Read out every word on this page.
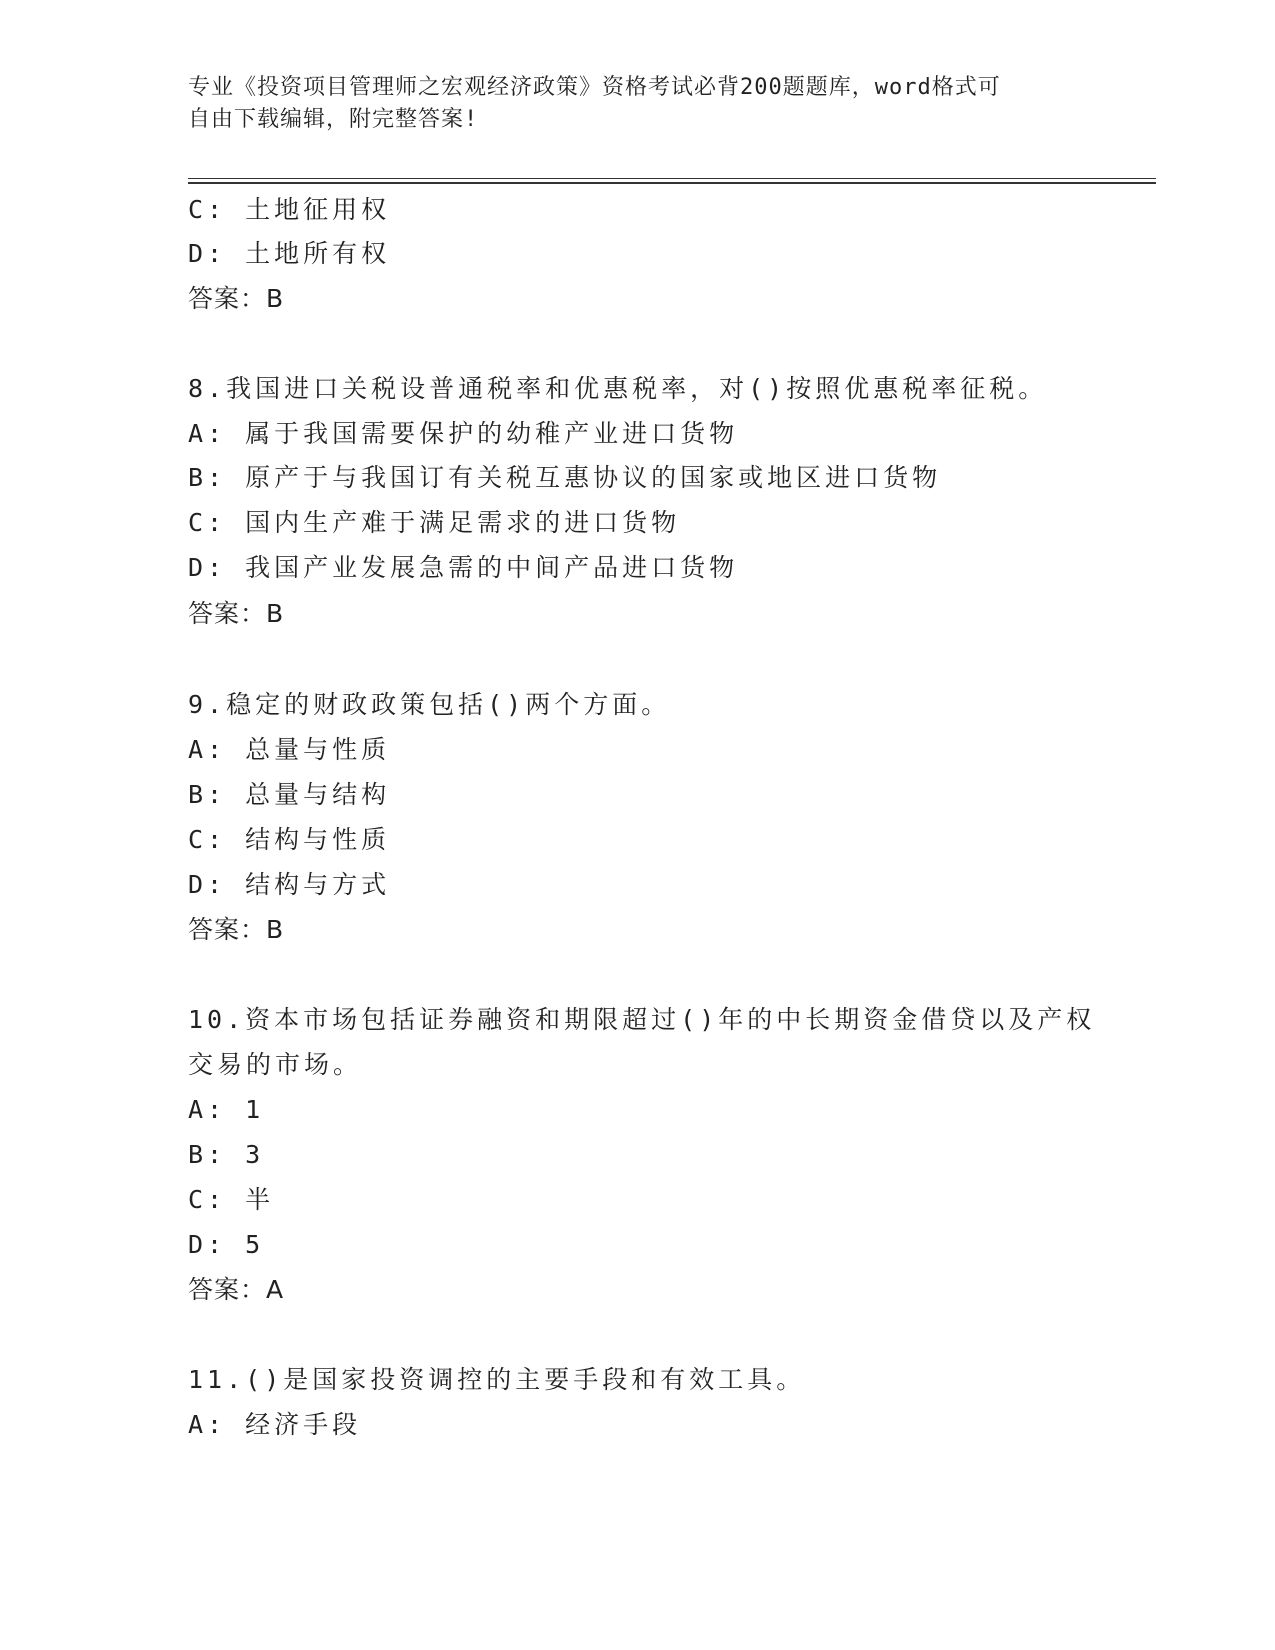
专业《投资项目管理师之宏观经济政策》资格考试必背200题题库，word格式可
自由下载编辑，附完整答案!
C: 土地征用权
D: 土地所有权
答案：B
8.我国进口关税设普通税率和优惠税率，对()按照优惠税率征税。
A: 属于我国需要保护的幼稚产业进口货物
B: 原产于与我国订有关税互惠协议的国家或地区进口货物
C: 国内生产难于满足需求的进口货物
D: 我国产业发展急需的中间产品进口货物
答案：B
9.稳定的财政政策包括()两个方面。
A: 总量与性质
B: 总量与结构
C: 结构与性质
D: 结构与方式
答案：B
10.资本市场包括证券融资和期限超过()年的中长期资金借贷以及产权
交易的市场。
A: 1
B: 3
C: 半
D: 5
答案：A
11.()是国家投资调控的主要手段和有效工具。
A: 经济手段
